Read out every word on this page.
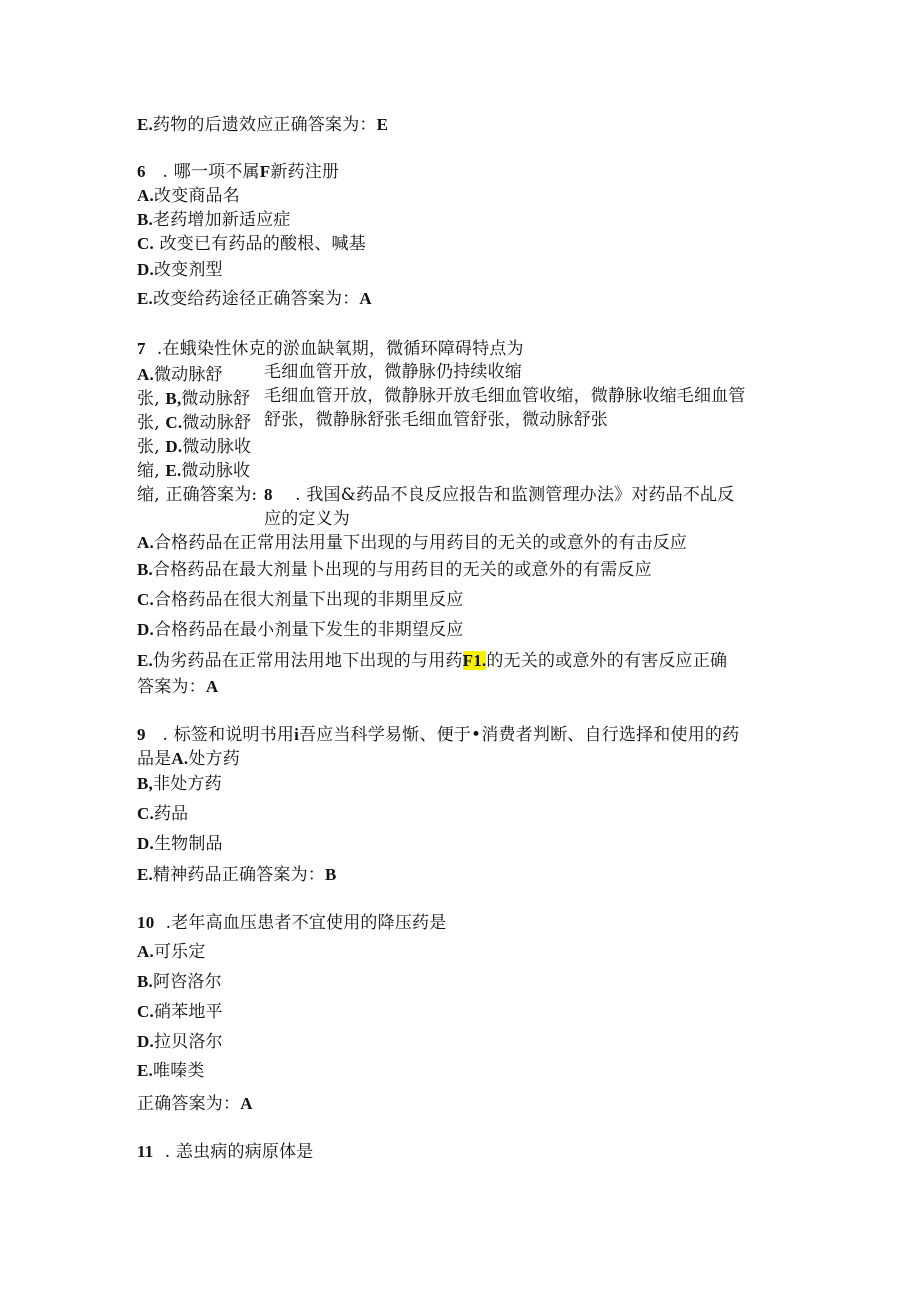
E.药物的后遗效应正确答案为：E
6 . 哪一项不属F新药注册
A.改变商品名
B.老药增加新适应症
C. 改变已有药品的酸根、喊基
D.改变剂型
E.改变给药途径正确答案为：A
7 .在蛾染性休克的淤血缺氧期，微循环障碍特点为
A.微动脉舒
张, B,微动脉舒
张, C.微动脉舒
张, D.微动脉收
缩, E.微动脉收
缩, 正确答案为:
毛细血管开放，微静脉仍持续收缩
毛细血管开放，微静脉开放毛细血管收缩，微静脉收缩毛细血管
舒张，微静脉舒张毛细血管舒张，微动脉舒张
8 . 我国&药品不良反应报告和监测管理办法》对药品不乩反
应的定义为
A.合格药品在正常用法用量下出现的与用药目的无关的或意外的有击反应
B.合格药品在最大剂量卜出现的与用药目的无关的或意外的有需反应
C.合格药品在很大剂量下出现的非期里反应
D.合格药品在最小剂量下发生的非期望反应
E.伪劣药品在正常用法用地下出现的与用药F1.的无关的或意外的有害反应正确
答案为：A
9 . 标签和说明书用i吾应当科学易惭、便于•消费者判断、自行选择和使用的药
品是A.处方药
B,非处方药
C.药品
D.生物制品
E.精神药品正确答案为：B
10 .老年高血压患者不宜使用的降压药是
A.可乐定
B.阿咨洛尔
C.硝苯地平
D.拉贝洛尔
E.唯嗪类
正确答案为：A
11 . 恙虫病的病原体是
